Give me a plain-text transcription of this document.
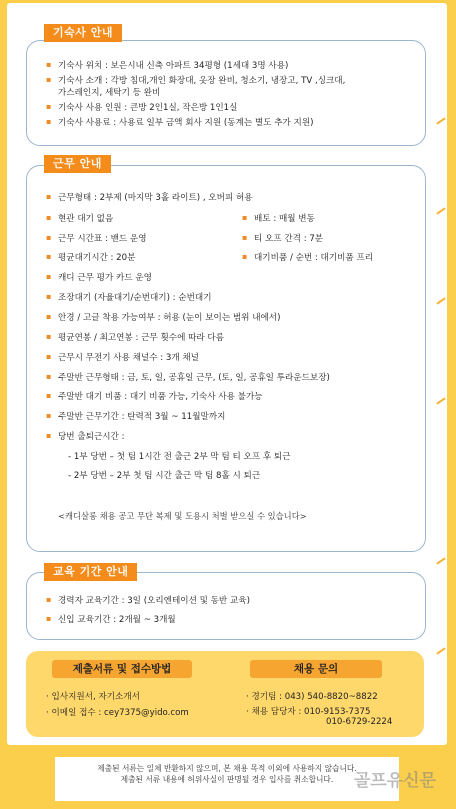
기숙사 안내
▪ 기숙사 위치 : 보은시내 신축 아파트 34평형 (1세대 3명 사용)
▪ 기숙사 소개 : 각방 침대,개인 화장대, 옷장 완비, 청소기, 냉장고, TV ,싱크대,
가스레인지, 세탁기 등 완비
▪ 기숙사 사용 인원 : 큰방 2인1실, 작은방 1인1실
▪ 기숙사 사용료 : 사용료 일부 금액 회사 지원 (동계는 별도 추가 지원)
근무 안내
▪ 근무형태 : 2부제 (마지막 3홀 라이트) , 오버피 허용
▪ 현관 대기 없음
▪ 근무 시간표 : 밴드 운영
▪ 평균대기시간 : 20분
▪ 캐디 근무 평가 카드 운영
▪ 배토 : 매월 변동
▪ 티 오프 간격 : 7분
▪ 대기비품 / 순번 : 대기비품 프리
▪ 조장대기 (자율대기/순번대기) : 순번대기
▪ 안경 / 고글 착용 가능여부 : 허용 (눈이 보이는 범위 내에서)
▪ 평균연봉 / 최고연봉 : 근무 횟수에 따라 다름
▪ 근무시 무전기 사용 채널수 : 3개 채널
▪ 주말반 근무형태 : 금, 토, 일, 공휴일 근무, (토, 일, 공휴일 투라운드보장)
▪ 주말반 대기 비품 : 대기 비품 가능, 기숙사 사용 불가능
▪ 주말반 근무기간 : 탄력적 3월 ~ 11월말까지
▪ 당번 출퇴근시간 :
- 1부 당번 – 첫 팀 1시간 전 출근 2부 막 팀 티 오프 후 퇴근
- 2부 당번 – 2부 첫 팀 시간 출근 막 팀 8홀 시 퇴근
<캐디살롱 채용 공고 무단 복제 및 도용시 처벌 받으실 수 있습니다>
교육 기간 안내
▪ 경력자 교육기간 : 3일 (오리엔테이션 및 동반 교육)
▪ 신입 교육기간 : 2개월 ~ 3개월
제출서류 및 접수방법	채용 문의
· 입사지원서, 자기소개서
· 이메일 접수 : cey7375@yido.com
· 경기팀 : 043) 540-8820~8822
· 채용 담당자 : 010-9153-7375
010-6729-2224
제출된 서류는 일체 반환하지 않으며, 본 채용 목적 이외에 사용하지 않습니다.
제출된 서류 내용에 허위사실이 판명될 경우 입사를 취소합니다.	골프유신문
